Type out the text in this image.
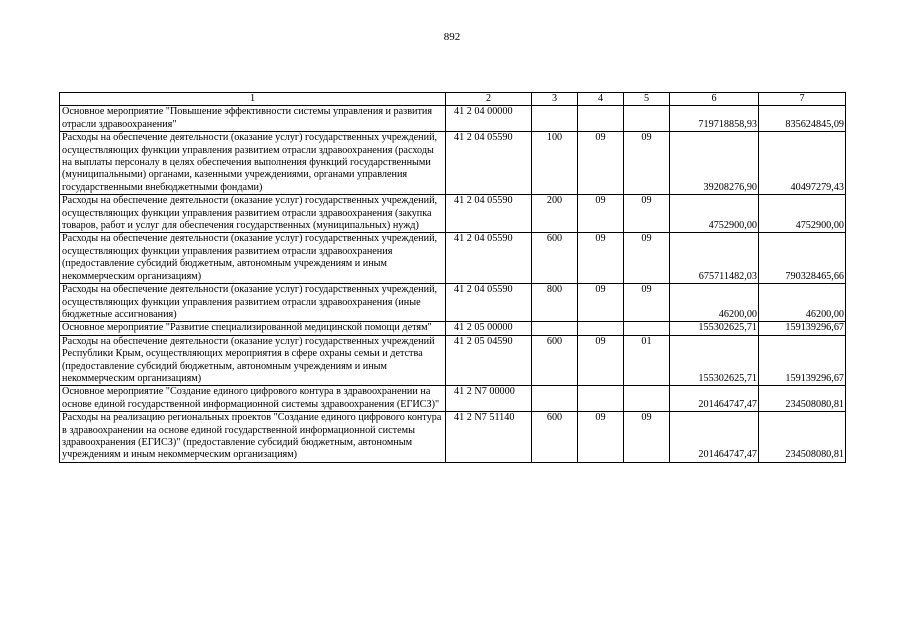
892
1	2	3	4	5	6	7
Основное мероприятие "Повышение эффективности системы управления и развития отрасли здравоохранения"	41 2 04 00000				719718858,93	835624845,09
Расходы на обеспечение деятельности (оказание услуг) государственных учреждений, осуществляющих функции управления развитием отрасли здравоохранения (расходы на выплаты персоналу в целях обеспечения выполнения функций государственными (муниципальными) органами, казенными учреждениями, органами управления государственными внебюджетными фондами)	41 2 04 05590	100	09	09	39208276,90	40497279,43
Расходы на обеспечение деятельности (оказание услуг) государственных учреждений, осуществляющих функции управления развитием отрасли здравоохранения (закупка товаров, работ и услуг для обеспечения государственных (муниципальных) нужд)	41 2 04 05590	200	09	09	4752900,00	4752900,00
Расходы на обеспечение деятельности (оказание услуг) государственных учреждений, осуществляющих функции управления развитием отрасли здравоохранения (предоставление субсидий бюджетным, автономным учреждениям и иным некоммерческим организациям)	41 2 04 05590	600	09	09	675711482,03	790328465,66
Расходы на обеспечение деятельности (оказание услуг) государственных учреждений, осуществляющих функции управления развитием отрасли здравоохранения (иные бюджетные ассигнования)	41 2 04 05590	800	09	09	46200,00	46200,00
Основное мероприятие "Развитие специализированной медицинской помощи детям"	41 2 05 00000				155302625,71	159139296,67
Расходы на обеспечение деятельности (оказание услуг) государственных учреждений Республики Крым, осуществляющих мероприятия в сфере охраны семьи и детства (предоставление субсидий бюджетным, автономным учреждениям и иным некоммерческим организациям)	41 2 05 04590	600	09	01	155302625,71	159139296,67
Основное мероприятие "Создание единого цифрового контура в здравоохранении на основе единой государственной информационной системы здравоохранения (ЕГИСЗ)"	41 2 N7 00000				201464747,47	234508080,81
Расходы на реализацию региональных проектов "Создание единого цифрового контура в здравоохранении на основе единой государственной информационной системы здравоохранения (ЕГИСЗ)" (предоставление субсидий бюджетным, автономным учреждениям и иным некоммерческим организациям)	41 2 N7 51140	600	09	09	201464747,47	234508080,81
